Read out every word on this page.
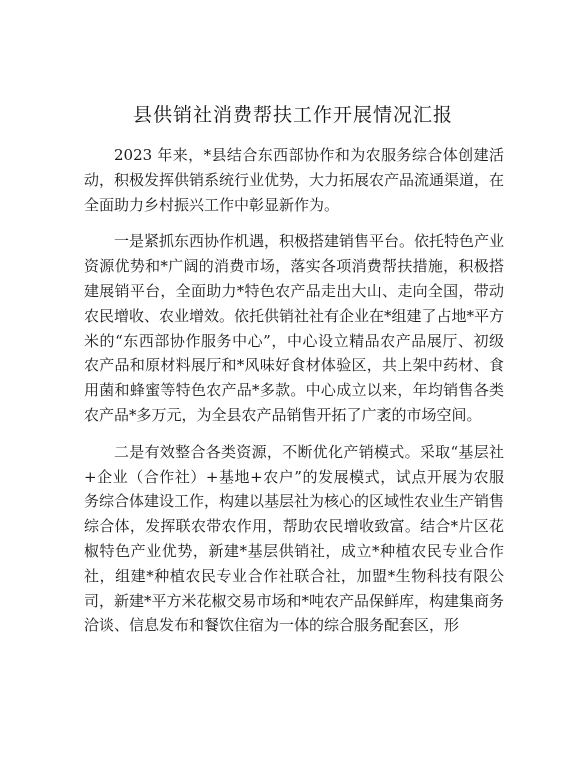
县供销社消费帮扶工作开展情况汇报

2023 年来，*县结合东西部协作和为农服务综合体创建活动，积极发挥供销系统行业优势，大力拓展农产品流通渠道，在全面助力乡村振兴工作中彰显新作为。

一是紧抓东西协作机遇，积极搭建销售平台。依托特色产业资源优势和*广阔的消费市场，落实各项消费帮扶措施，积极搭建展销平台，全面助力*特色农产品走出大山、走向全国，带动农民增收、农业增效。依托供销社社有企业在*组建了占地*平方米的“东西部协作服务中心”，中心设立精品农产品展厅、初级农产品和原材料展厅和*风味好食材体验区，共上架中药材、食用菌和蜂蜜等特色农产品*多款。中心成立以来，年均销售各类农产品*多万元，为全县农产品销售开拓了广袤的市场空间。

二是有效整合各类资源，不断优化产销模式。采取“基层社+企业（合作社）+基地+农户”的发展模式，试点开展为农服务综合体建设工作，构建以基层社为核心的区域性农业生产销售综合体，发挥联农带农作用，帮助农民增收致富。结合*片区花椒特色产业优势，新建*基层供销社，成立*种植农民专业合作社，组建*种植农民专业合作社联合社，加盟*生物科技有限公司，新建*平方米花椒交易市场和*吨农产品保鲜库，构建集商务洽谈、信息发布和餐饮住宿为一体的综合服务配套区，形
